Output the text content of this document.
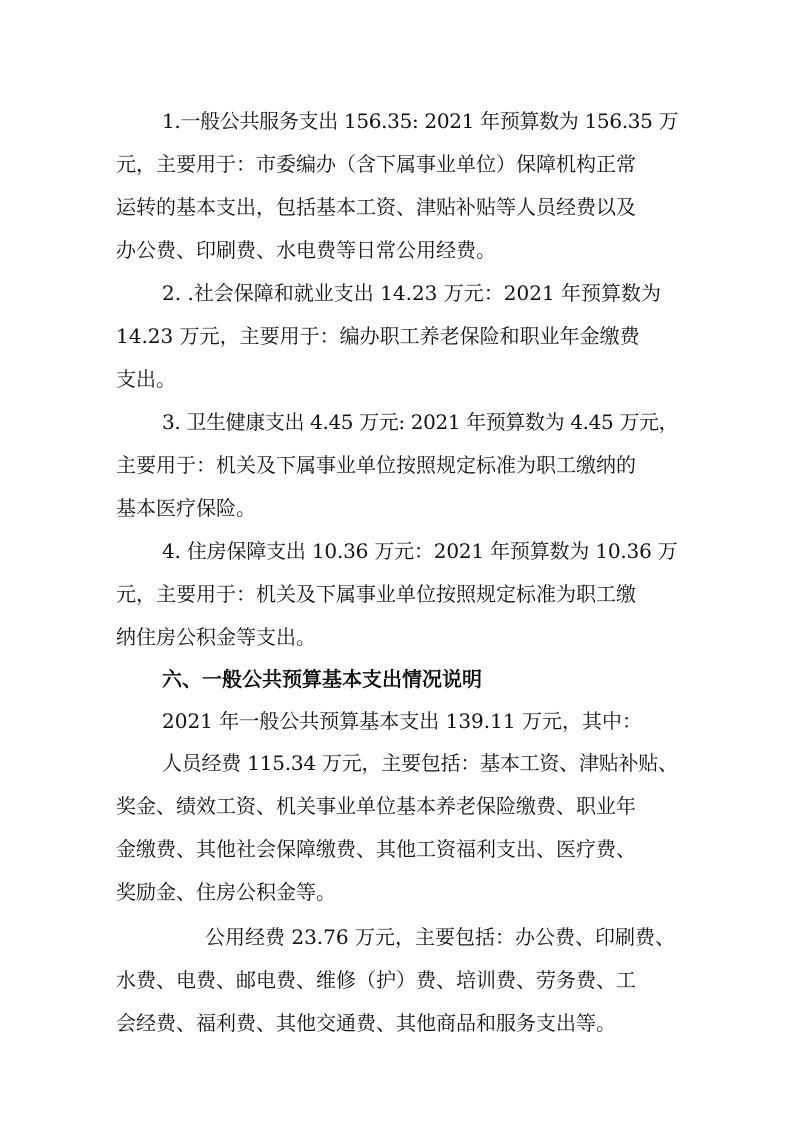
1.一般公共服务支出 156.35: 2021 年预算数为 156.35 万
元，主要用于：市委编办（含下属事业单位）保障机构正常
运转的基本支出，包括基本工资、津贴补贴等人员经费以及
办公费、印刷费、水电费等日常公用经费。
2. .社会保障和就业支出 14.23 万元：2021 年预算数为
14.23 万元，主要用于：编办职工养老保险和职业年金缴费
支出。
3. 卫生健康支出 4.45 万元: 2021 年预算数为 4.45 万元，
主要用于：机关及下属事业单位按照规定标准为职工缴纳的
基本医疗保险。
4. 住房保障支出 10.36 万元：2021 年预算数为 10.36 万
元，主要用于：机关及下属事业单位按照规定标准为职工缴
纳住房公积金等支出。
六、一般公共预算基本支出情况说明
2021 年一般公共预算基本支出 139.11 万元，其中：
人员经费 115.34 万元，主要包括：基本工资、津贴补贴、
奖金、绩效工资、机关事业单位基本养老保险缴费、职业年
金缴费、其他社会保障缴费、其他工资福利支出、医疗费、
奖励金、住房公积金等。
公用经费 23.76 万元，主要包括：办公费、印刷费、
水费、电费、邮电费、维修（护）费、培训费、劳务费、工
会经费、福利费、其他交通费、其他商品和服务支出等。
